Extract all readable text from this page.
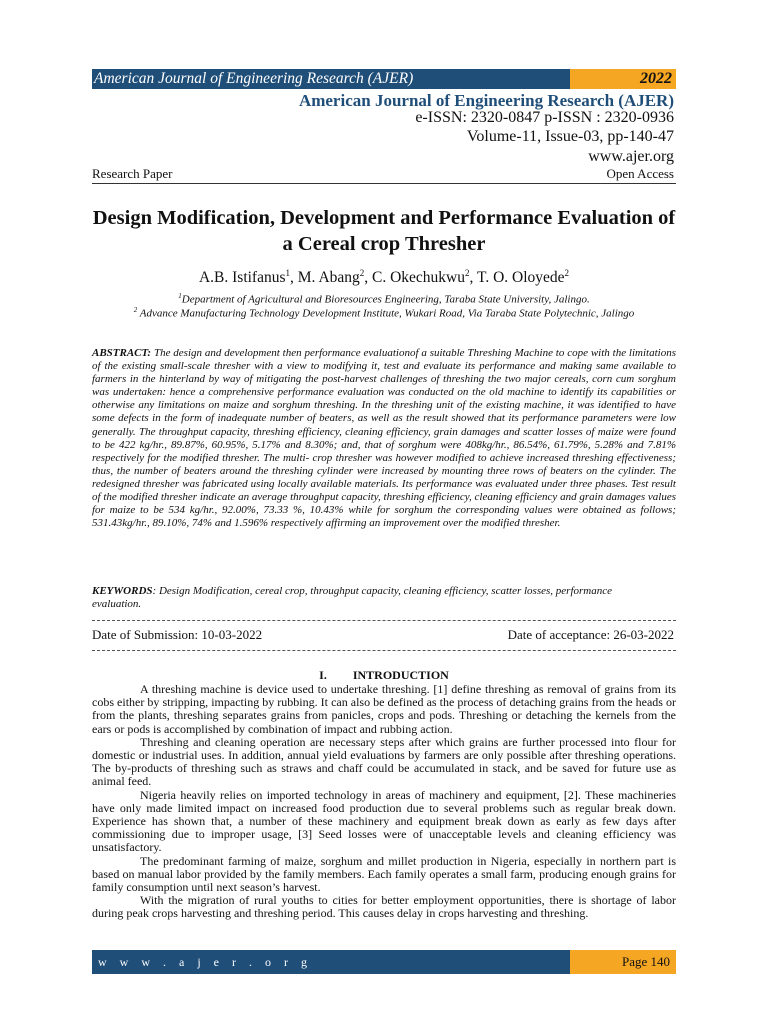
American Journal of Engineering Research (AJER)	2022
American Journal of Engineering Research (AJER)
e-ISSN: 2320-0847 p-ISSN : 2320-0936
Volume-11, Issue-03, pp-140-47
www.ajer.org
Research Paper	Open Access
Design Modification, Development and Performance Evaluation of a Cereal crop Thresher
A.B. Istifanus$^1$, M. Abang$^2$, C. Okechukwu$^2$, T. O. Oloyede$^2$
$^1$Department of Agricultural and Bioresources Engineering, Taraba State University, Jalingo.
$^2$ Advance Manufacturing Technology Development Institute, Wukari Road, Via Taraba State Polytechnic, Jalingo
ABSTRACT: The design and development then performance evaluationof a suitable Threshing Machine to cope with the limitations of the existing small-scale thresher with a view to modifying it, test and evaluate its performance and making same available to farmers in the hinterland by way of mitigating the post-harvest challenges of threshing the two major cereals, corn cum sorghum was undertaken: hence a comprehensive performance evaluation was conducted on the old machine to identify its capabilities or otherwise any limitations on maize and sorghum threshing. In the threshing unit of the existing machine, it was identified to have some defects in the form of inadequate number of beaters, as well as the result showed that its performance parameters were low generally. The throughput capacity, threshing efficiency, cleaning efficiency, grain damages and scatter losses of maize were found to be 422 kg/hr., 89.87%, 60.95%, 5.17% and 8.30%; and, that of sorghum were 408kg/hr., 86.54%, 61.79%, 5.28% and 7.81% respectively for the modified thresher. The multi- crop thresher was however modified to achieve increased threshing effectiveness; thus, the number of beaters around the threshing cylinder were increased by mounting three rows of beaters on the cylinder. The redesigned thresher was fabricated using locally available materials. Its performance was evaluated under three phases. Test result of the modified thresher indicate an average throughput capacity, threshing efficiency, cleaning efficiency and grain damages values for maize to be 534 kg/hr., 92.00%, 73.33 %, 10.43% while for sorghum the corresponding values were obtained as follows; 531.43kg/hr., 89.10%, 74% and 1.596% respectively affirming an improvement over the modified thresher.
KEYWORDS: Design Modification, cereal crop, throughput capacity, cleaning efficiency, scatter losses, performance evaluation.
Date of Submission: 10-03-2022	Date of acceptance: 26-03-2022
I. INTRODUCTION

A threshing machine is device used to undertake threshing. [1] define threshing as removal of grains from its cobs either by stripping, impacting by rubbing. It can also be defined as the process of detaching grains from the heads or from the plants, threshing separates grains from panicles, crops and pods. Threshing or detaching the kernels from the ears or pods is accomplished by combination of impact and rubbing action.

Threshing and cleaning operation are necessary steps after which grains are further processed into flour for domestic or industrial uses. In addition, annual yield evaluations by farmers are only possible after threshing operations. The by-products of threshing such as straws and chaff could be accumulated in stack, and be saved for future use as animal feed.

Nigeria heavily relies on imported technology in areas of machinery and equipment, [2]. These machineries have only made limited impact on increased food production due to several problems such as regular break down. Experience has shown that, a number of these machinery and equipment break down as early as few days after commissioning due to improper usage, [3] Seed losses were of unacceptable levels and cleaning efficiency was unsatisfactory.

The predominant farming of maize, sorghum and millet production in Nigeria, especially in northern part is based on manual labor provided by the family members. Each family operates a small farm, producing enough grains for family consumption until next season’s harvest.

With the migration of rural youths to cities for better employment opportunities, there is shortage of labor during peak crops harvesting and threshing period. This causes delay in crops harvesting and threshing.

w w w . a j e r . o r g	Page 140
